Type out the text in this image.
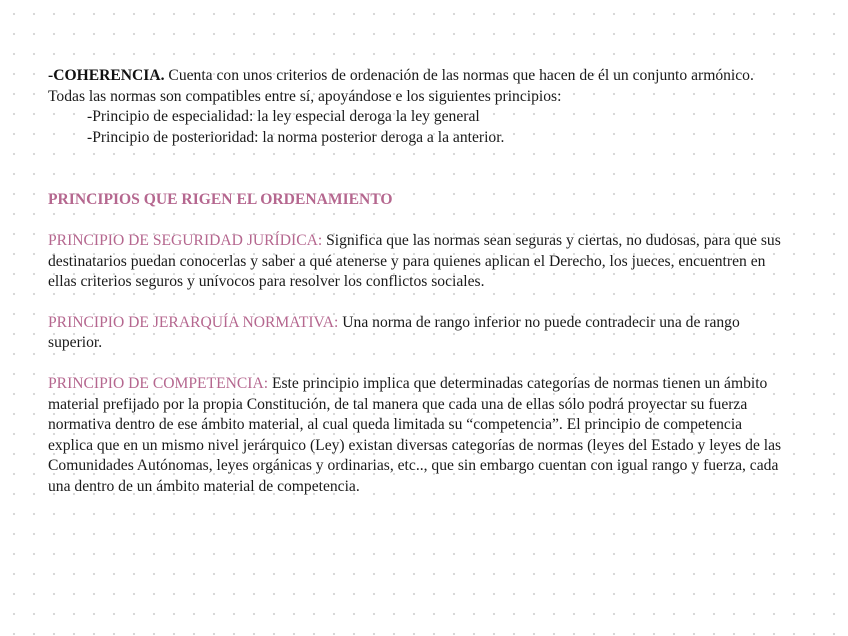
-COHERENCIA. Cuenta con unos criterios de ordenación de las normas que hacen de él un conjunto armónico. Todas las normas son compatibles entre sí, apoyándose e los siguientes principios:

-Principio de especialidad: la ley especial deroga la ley general

-Principio de posterioridad: la norma posterior deroga a la anterior.

PRINCIPIOS QUE RIGEN EL ORDENAMIENTO

PRINCIPIO DE SEGURIDAD JURÍDICA: Significa que las normas sean seguras y ciertas, no dudosas, para que sus destinatarios puedan conocerlas y saber a qué atenerse y para quienes aplican el Derecho, los jueces, encuentren en ellas criterios seguros y unívocos para resolver los conflictos sociales.

PRINCIPIO DE JERARQUÍA NORMATIVA: Una norma de rango inferior no puede contradecir una de rango superior.

PRINCIPIO DE COMPETENCIA: Este principio implica que determinadas categorías de normas tienen un ámbito material prefijado por la propia Constitución, de tal manera que cada una de ellas sólo podrá proyectar su fuerza normativa dentro de ese ámbito material, al cual queda limitada su “competencia”. El principio de competencia explica que en un mismo nivel jerárquico (Ley) existan diversas categorías de normas (leyes del Estado y leyes de las Comunidades Autónomas, leyes orgánicas y ordinarias, etc.., que sin embargo cuentan con igual rango y fuerza, cada una dentro de un ámbito material de competencia.
